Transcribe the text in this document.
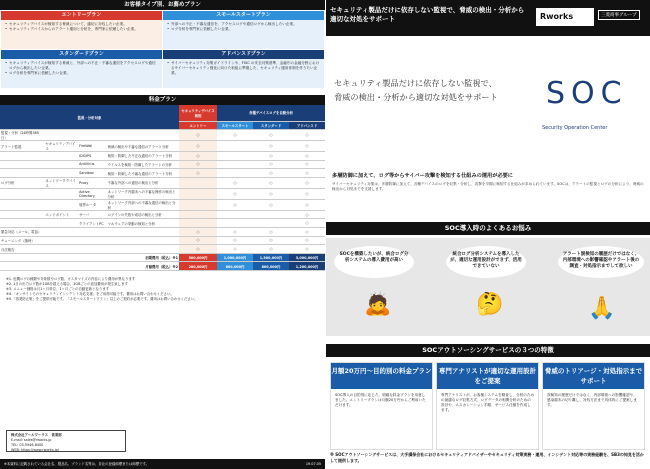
お客様タイプ別、お薦めプラン
エントリープラン
• セキュリティデバイスが検知する脅威について、適切に対処したい企業。
• セキュリティデバイスからのアラート運用と分析を、専門家に依頼したい企業。
スモールスタートプラン
• 外部への不正・不審な通信を、アクセスログや通信ログから検出したい企業。
• ログ分析を専門家に依頼したい企業。
スタンダードプラン
• セキュリティデバイスが検知する脅威と、外部への不正・不審な通信をアクセスログや通信ログから検出したい企業。
• ログ分析を専門家に依頼したい企業。
アドバンスドプラン
• サイバーセキュリティ対策ガイドラインや、FISC の安全対策基準、金融庁の金融分野におけるサイバーセキュリティ強化に向けた取組に準拠した、セキュリティ運用体制を作りたい企業。
料金プラン
監視・分析対象				セキュリティデバイス検知	各種デバイスログを自動分析		
				エントリー	スモールスタート	スタンダード	アドバンスド
監視・分析（24時間365日）				○	○	○	○
アラート監視	セキュリティデバイス	FireWall	脅威の検出や不審な通信のアラート分析	○		○	○
		IDS/IPS	検知・防御した不正な通信のアラート分析	○		○	○
		AntiVirus	ウイルスを検知・防御したアラートの分析	○		○	○
		Sandbox	検知・防御した不審な通信のアラート分析	○		○	○
ログ分析	ネットワークデバイス	Proxy	不審な外部への通信の検出と分析		○	○	○
		Active Directory	ネットワーク内端末への不審な操作の検出と分析		○	○	○
		境界ルータ	ネットワーク内部への不審な通信の検出と分析		○	○	○
	エンドポイント	サーバ	ログインの失敗や成功の検出と分析				○
		クライアントPC	マルウェアの挙動の検知と分析				○
緊急対応（メール、電話）				○	○	○	○
チューニング（随時）				○	○	○	○
月次報告				○	○	○	○
初期費用（税込）※1				300,000円	1,000,000円	1,500,000円	3,000,000円
月額費用（税込）※2				200,000円	600,000円	800,000円	1,200,000円
※1. 危機ログの種類や対象数やログ数、カスタマイズの内容により費用が異なります
※2. 1日の出力ログ数が1GBを超える場合、1GBごとの追加費用が発生致します
※3. メニュー価格は月1ヶ月単位、1ヶ月ごとの自動更新となります
※4.「オンサイトでのセキュリティインシデント対応支援」をご用命可能です。費用はお問い合わせください。
※5.「再発防止策」をご提供可能です。「スモールスタートプラン」以上のご契約が必要です。費用はお問い合わせください。
株式会社アールワークス　営業部
E-mail: sales@rworks.jp
TEL: 03-5946-8400
WEB: https://www.rworks.jp/
※本資料に記載されている会社名、製品名、ブランド名等は、各社の登録商標または商標です。	19.07.05
セキュリティ製品だけに依存しない監視で、脅威の検出・分析から適切な対処をサポート	Rworks	三菱商事グループ
セキュリティ製品だけに依存しない監視で、
脅威の検出・分析から適切な対処をサポート SOC
Security Operation Center
多層防御に加えて、ログ等からサイバー攻撃を検知する仕組みの運用が必要に
サイバーセキュリティ対策は、多層防御に加えて、各種デバイスのログを収集・分析し、攻撃を早期に検知する仕組みが求められています。SOCは、アラートの監視とログの分析により、脅威の検出から対処までを支援します。
SOC導入時のよくあるお悩み
SOCを構築したいが、統合ログ分析システムの導入費用が高い
統合ログ分析システムを導入したが、適切な運用設計ができず、活用できていない
アラート誤検知の履歴だけではなく、内部環境への影響確認やアラート後の調査・対処指示までして欲しい
🙇	🤔	🙏
SOCアウトソーシングサービスの３つの特徴
月額20万円〜目的別の料金プラン
SOC導入の目的別に応じた、明確な料金プランを用意しました。エントリープランは月額20万円からご利用いただけます。
専門アナリストが適切な運用設計をご提案
専門アナリストが、お客様システムを精査し、分析のための最適なログ収集方式、ログデータの相関分析のための設計や、エスカレーション手順、サービス仕様を作成します。
脅威のトリアージ・対処指示までサポート
誤検知の履歴だけではなく、内部環境への影響確認や、感染端末の切り離し、対処方法まで具体的にご提案します。
※ SOCアウトソーシングサービスは、大手損保会社におけるセキュリティアドバイザーやセキュリティ対策実務・運用、インシデント対応等の実務経験を、SB3の知見を活かして提供します。
